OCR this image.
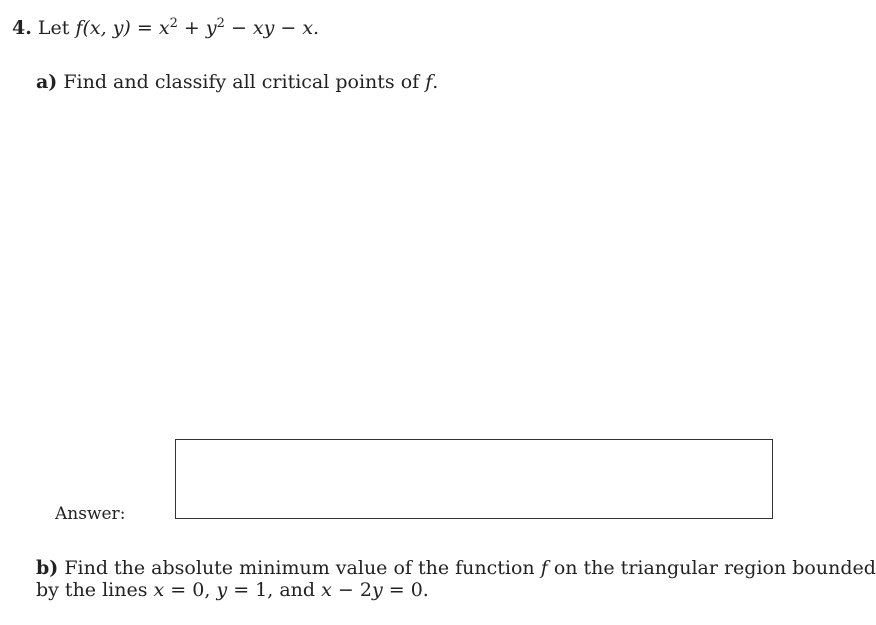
4. Let f(x, $y) = x^2 + y^2$ − xy − x.
a) Find and classify all critical points of f.
Answer:
b) Find the absolute minimum value of the function f on the triangular region bounded
by the lines x = 0, y = 1, and x − 2y = 0.
